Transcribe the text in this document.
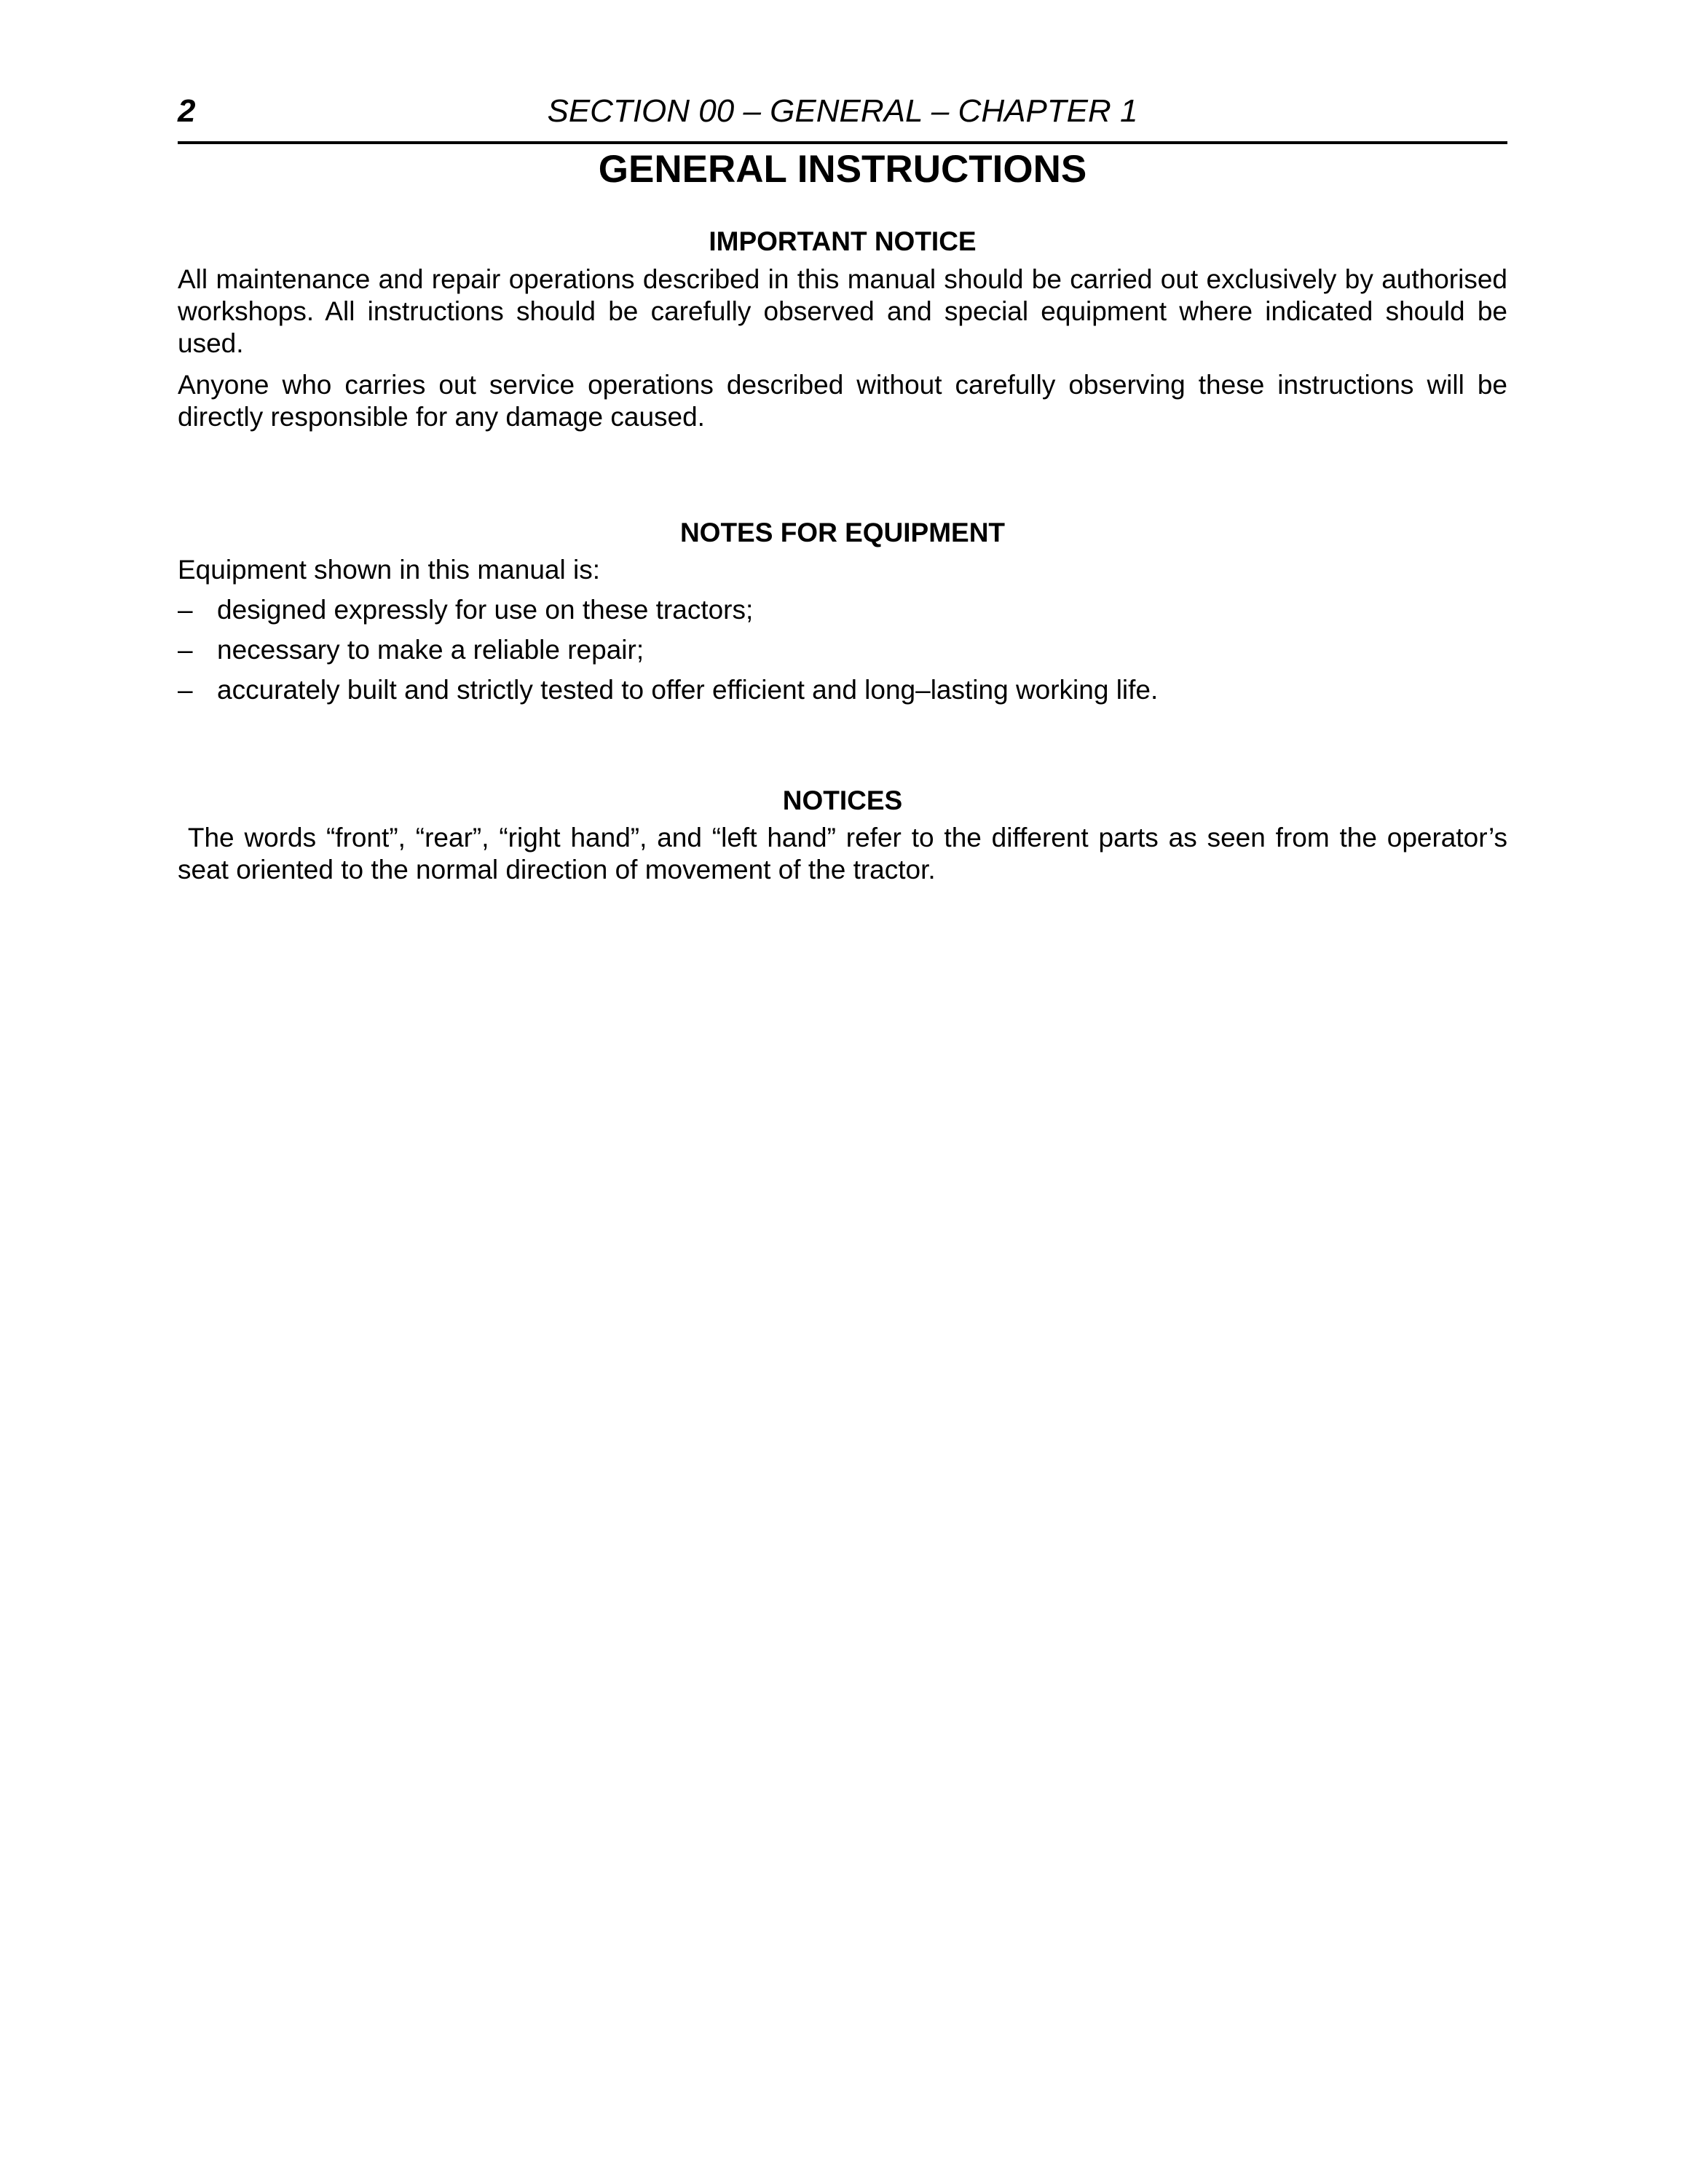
2	SECTION 00 – GENERAL – CHAPTER 1
GENERAL INSTRUCTIONS
IMPORTANT NOTICE

All maintenance and repair operations described in this manual should be carried out exclusively by authorised workshops. All instructions should be carefully observed and special equipment where indicated should be used.

Anyone who carries out service operations described without carefully observing these instructions will be directly responsible for any damage caused.

NOTES FOR EQUIPMENT

Equipment shown in this manual is:

– designed expressly for use on these tractors;
– necessary to make a reliable repair;
– accurately built and strictly tested to offer efficient and long–lasting working life.
NOTICES

The words “front”, “rear”, “right hand”, and “left hand” refer to the different parts as seen from the operator’s seat oriented to the normal direction of movement of the tractor.
